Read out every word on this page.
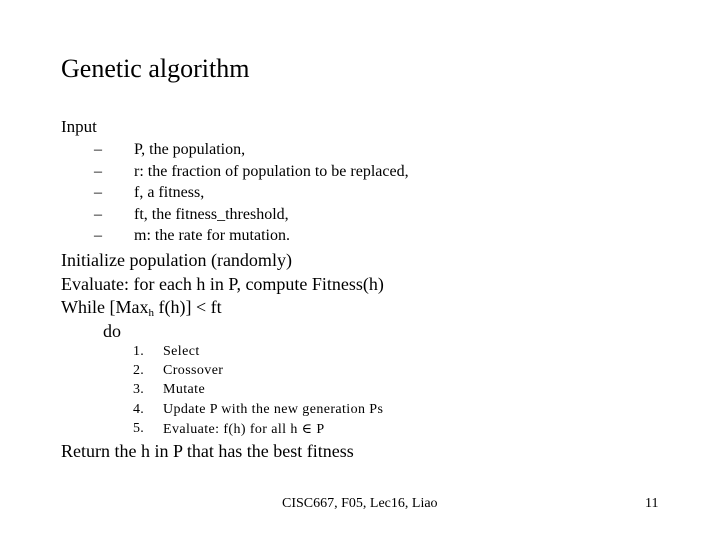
Genetic algorithm
Input
– P, the population,
– r: the fraction of population to be replaced,
– f, a fitness,
– ft, the fitness_threshold,
– m: the rate for mutation.
Initialize population (randomly)
Evaluate: for each h in P, compute Fitness(h)
While [Max$_h$ f(h)] < ft
do
1. Select
2. Crossover
3. Mutate
4. Update P with the new generation Ps
5. Evaluate: f(h) for all h ∈ P
Return the h in P that has the best fitness
CISC667, F05, Lec16, Liao	11
